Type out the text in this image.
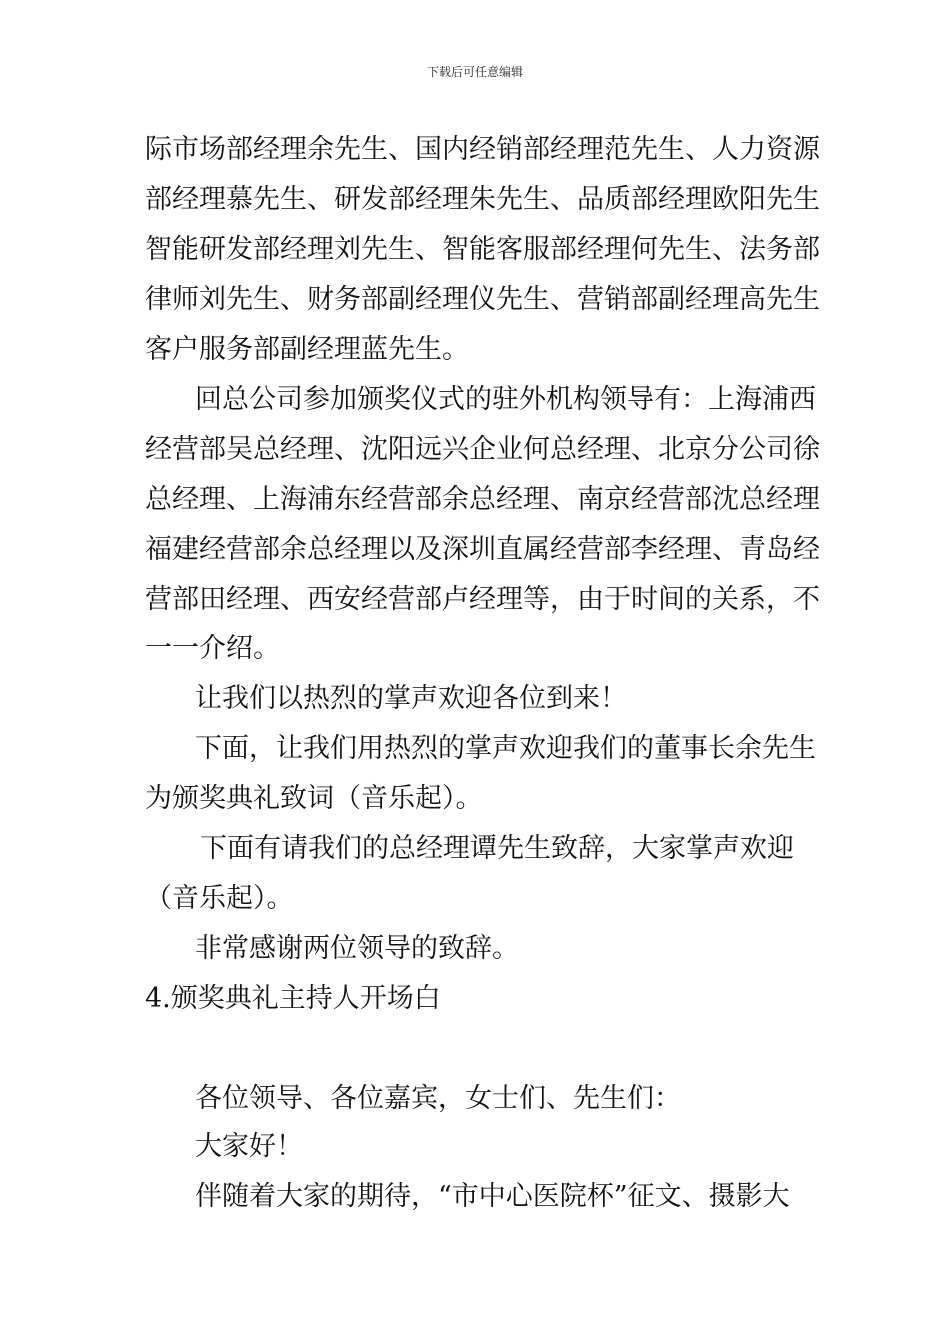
下载后可任意编辑
际市场部经理余先生、国内经销部经理范先生、人力资源
部经理慕先生、研发部经理朱先生、品质部经理欧阳先生
智能研发部经理刘先生、智能客服部经理何先生、法务部
律师刘先生、财务部副经理仪先生、营销部副经理高先生
客户服务部副经理蓝先生。
回总公司参加颁奖仪式的驻外机构领导有：上海浦西
经营部吴总经理、沈阳远兴企业何总经理、北京分公司徐
总经理、上海浦东经营部余总经理、南京经营部沈总经理
福建经营部余总经理以及深圳直属经营部李经理、青岛经
营部田经理、西安经营部卢经理等，由于时间的关系，不
一一介绍。
让我们以热烈的掌声欢迎各位到来！
下面，让我们用热烈的掌声欢迎我们的董事长余先生
为颁奖典礼致词（音乐起）。
下面有请我们的总经理谭先生致辞，大家掌声欢迎
（音乐起）。
非常感谢两位领导的致辞。
4.颁奖典礼主持人开场白
各位领导、各位嘉宾，女士们、先生们：
大家好！
伴随着大家的期待，“市中心医院杯”征文、摄影大
